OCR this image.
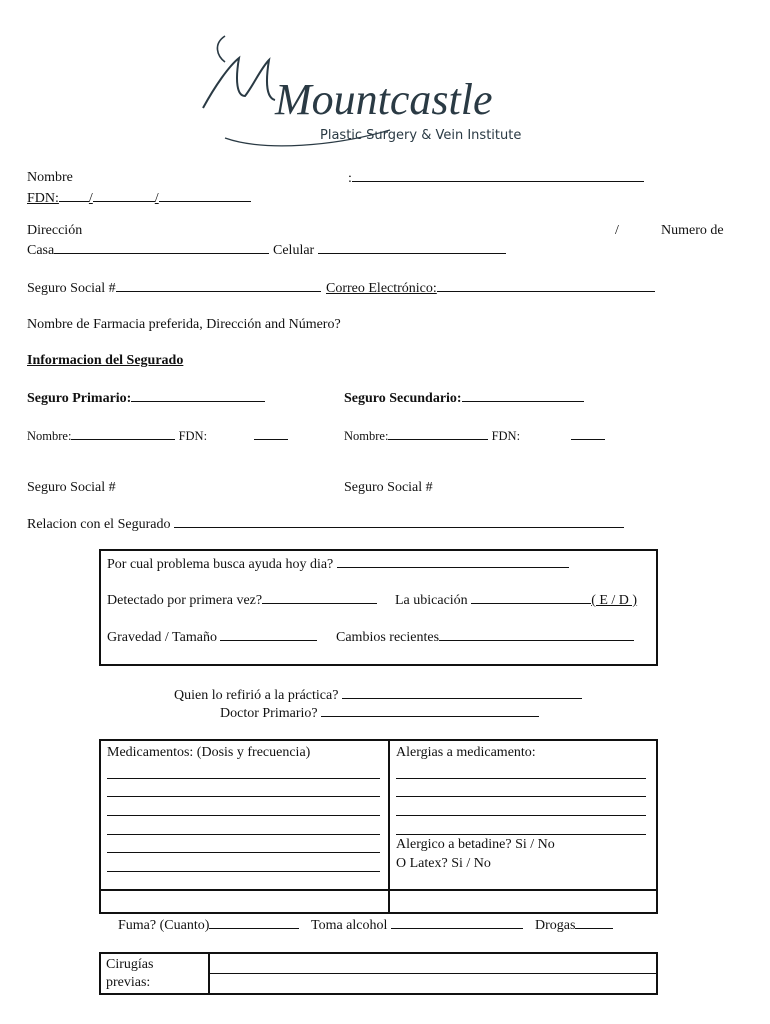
Mountcastle
Plastic Surgery & Vein Institute
Nombre	:
FDN: /	/
Dirección	/	Numero de
Casa	Celular
Seguro Social #	Correo Electrónico:
Nombre de Farmacia preferida, Dirección and Número?
Informacion del Segurado
Seguro Primario:	Seguro Secundario:
Nombre:	FDN:	Nombre:	FDN:
Seguro Social #	Seguro Social #
Relacion con el Segurado
Por cual problema busca ayuda hoy dia?
Detectado por primera vez?	La ubicación	( E / D )
Gravedad / Tamaño	Cambios recientes
Quien lo refirió a la práctica?
Doctor Primario?
Medicamentos: (Dosis y frecuencia)	Alergias a medicamento:
Alergico a betadine? Si / No
O Latex? Si / No
Fuma? (Cuanto)	Toma alcohol	Drogas
Cirugías previas:
